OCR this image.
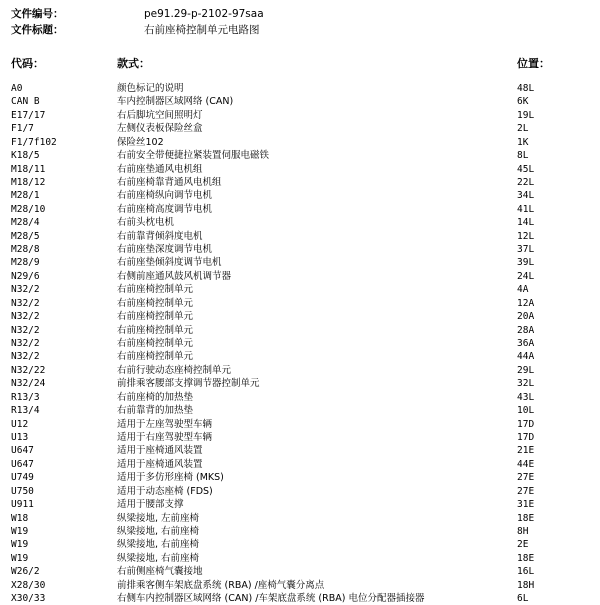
文件编号：	pe91.29-p-2102-97saa
文件标题：	右前座椅控制单元电路图
代码：	款式：	位置：
A0	颜色标记的说明	48L
CAN B	车内控制器区域网络 (CAN)	6K
E17/17	右后脚坑空间照明灯	19L
F1/7	左侧仪表板保险丝盒	2L
F1/7f102	保险丝102	1K
K18/5	右前安全带便捷拉紧装置伺服电磁铁	8L
M18/11	右前座垫通风电机组	45L
M18/12	右前座椅靠背通风电机组	22L
M28/1	右前座椅纵向调节电机	34L
M28/10	右前座椅高度调节电机	41L
M28/4	右前头枕电机	14L
M28/5	右前靠背倾斜度电机	12L
M28/8	右前座垫深度调节电机	37L
M28/9	右前座垫倾斜度调节电机	39L
N29/6	右侧前座通风鼓风机调节器	24L
N32/2	右前座椅控制单元	4A
N32/2	右前座椅控制单元	12A
N32/2	右前座椅控制单元	20A
N32/2	右前座椅控制单元	28A
N32/2	右前座椅控制单元	36A
N32/2	右前座椅控制单元	44A
N32/22	右前行驶动态座椅控制单元	29L
N32/24	前排乘客腰部支撑调节器控制单元	32L
R13/3	右前座椅的加热垫	43L
R13/4	右前靠背的加热垫	10L
U12	适用于左座驾驶型车辆	17D
U13	适用于右座驾驶型车辆	17D
U647	适用于座椅通风装置	21E
U647	适用于座椅通风装置	44E
U749	适用于多仿形座椅 (MKS)	27E
U750	适用于动态座椅 (FDS)	27E
U911	适用于腰部支撑	31E
W18	纵梁接地, 左前座椅	18E
W19	纵梁接地, 右前座椅	8H
W19	纵梁接地, 右前座椅	2E
W19	纵梁接地, 右前座椅	18E
W26/2	右前侧座椅气囊接地	16L
X28/30	前排乘客侧车架底盘系统 (RBA) /座椅气囊分离点	18H
X30/33	右侧车内控制器区域网络 (CAN) /车架底盘系统 (RBA) 电位分配器插接器	6L
